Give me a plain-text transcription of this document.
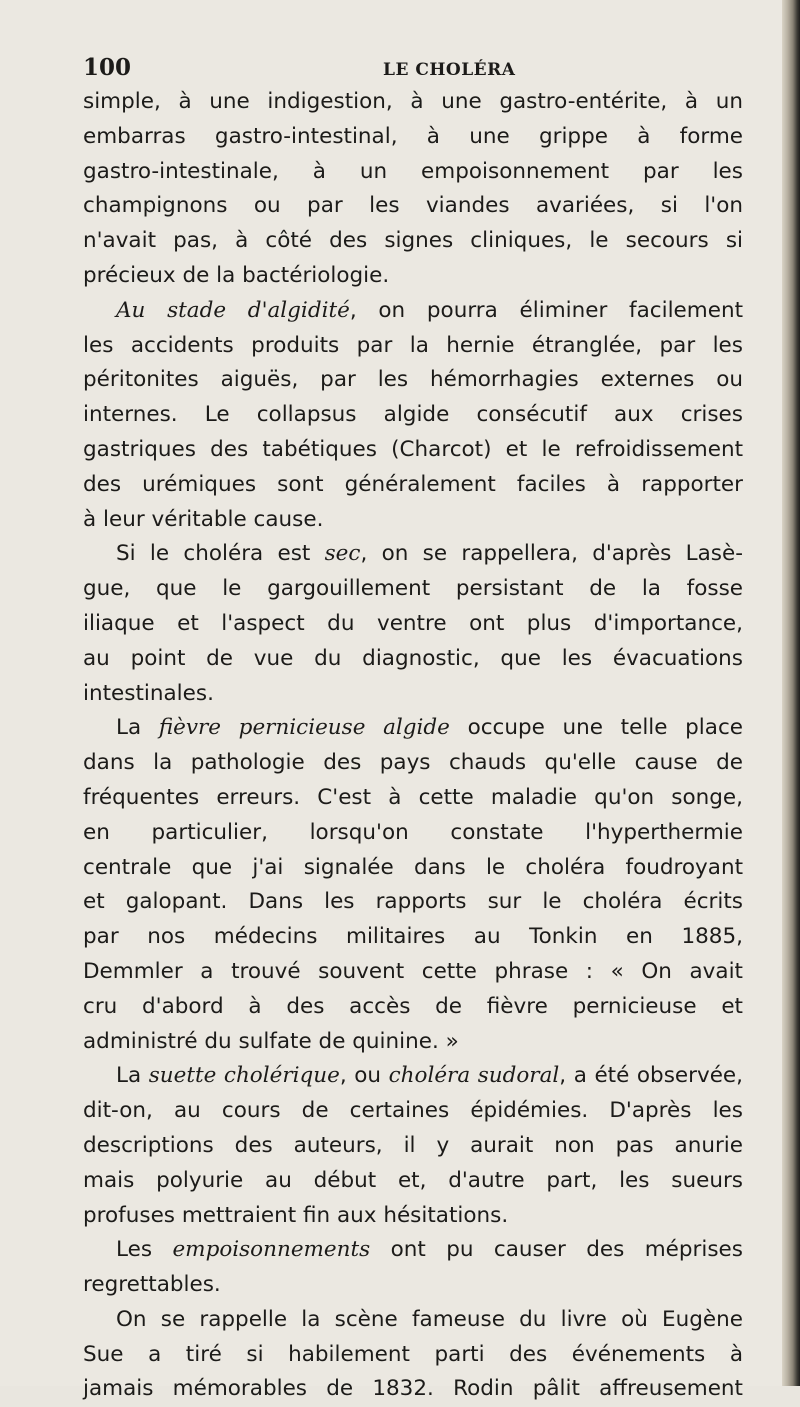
100	LE CHOLÉRA
simple, à une indigestion, à une gastro-entérite, à un
embarras gastro-intestinal, à une grippe à forme
gastro-intestinale, à un empoisonnement par les
champignons ou par les viandes avariées, si l'on
n'avait pas, à côté des signes cliniques, le secours si
précieux de la bactériologie.
Au stade d'algidité, on pourra éliminer facilement
les accidents produits par la hernie étranglée, par les
péritonites aiguës, par les hémorrhagies externes ou
internes. Le collapsus algide consécutif aux crises
gastriques des tabétiques (Charcot) et le refroidissement
des urémiques sont généralement faciles à rapporter
à leur véritable cause.
Si le choléra est sec, on se rappellera, d'après Lasè-
gue, que le gargouillement persistant de la fosse
iliaque et l'aspect du ventre ont plus d'importance,
au point de vue du diagnostic, que les évacuations
intestinales.
La fièvre pernicieuse algide occupe une telle place
dans la pathologie des pays chauds qu'elle cause de
fréquentes erreurs. C'est à cette maladie qu'on songe,
en particulier, lorsqu'on constate l'hyperthermie
centrale que j'ai signalée dans le choléra foudroyant
et galopant. Dans les rapports sur le choléra écrits
par nos médecins militaires au Tonkin en 1885,
Demmler a trouvé souvent cette phrase : « On avait
cru d'abord à des accès de fièvre pernicieuse et
administré du sulfate de quinine. »
La suette cholérique, ou choléra sudoral, a été observée,
dit-on, au cours de certaines épidémies. D'après les
descriptions des auteurs, il y aurait non pas anurie
mais polyurie au début et, d'autre part, les sueurs
profuses mettraient fin aux hésitations.
Les empoisonnements ont pu causer des méprises
regrettables.
On se rappelle la scène fameuse du livre où Eugène
Sue a tiré si habilement parti des événements à
jamais mémorables de 1832. Rodin pâlit affreusement
